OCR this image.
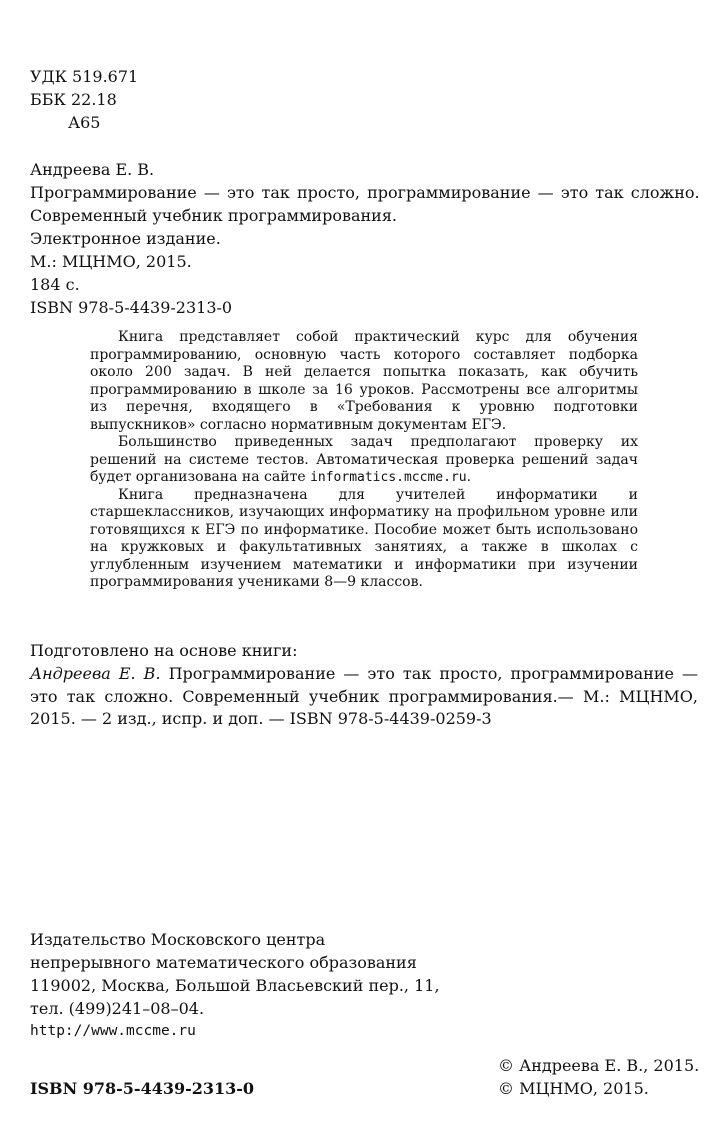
УДК 519.671
ББК 22.18
А65
Андреева Е. В.
Программирование — это так просто, программирование — это так сложно.
Современный учебник программирования.
Электронное издание.
М.: МЦНМО, 2015.
184 с.
ISBN 978-5-4439-2313-0

Книга представляет собой практический курс для обучения программированию, основную часть которого составляет подборка около 200 задач. В ней делается попытка показать, как обучить программированию в школе за 16 уроков. Рассмотрены все алгоритмы из перечня, входящего в «Требования к уровню подготовки выпускников» согласно нормативным документам ЕГЭ.

Большинство приведенных задач предполагают проверку их решений на системе тестов. Автоматическая проверка решений задач будет организована на сайте informatics.mccme.ru.

Книга предназначена для учителей информатики и старшеклассников, изучающих информатику на профильном уровне или готовящихся к ЕГЭ по информатике. Пособие может быть использовано на кружковых и факультативных занятиях, а также в школах с углубленным изучением математики и информатики при изучении программирования учениками 8—9 классов.

Подготовлено на основе книги:
Андреева Е. В. Программирование — это так просто, программирование —
это так сложно. Современный учебник программирования.— М.: МЦНМО,
2015. — 2 изд., испр. и доп. — ISBN 978-5-4439-0259-3
Издательство Московского центра
непрерывного математического образования
119002, Москва, Большой Власьевский пер., 11,
тел. (499)241–08–04.
http://www.mccme.ru
© Андреева Е. В., 2015.
ISBN 978-5-4439-2313-0	© МЦНМО, 2015.
